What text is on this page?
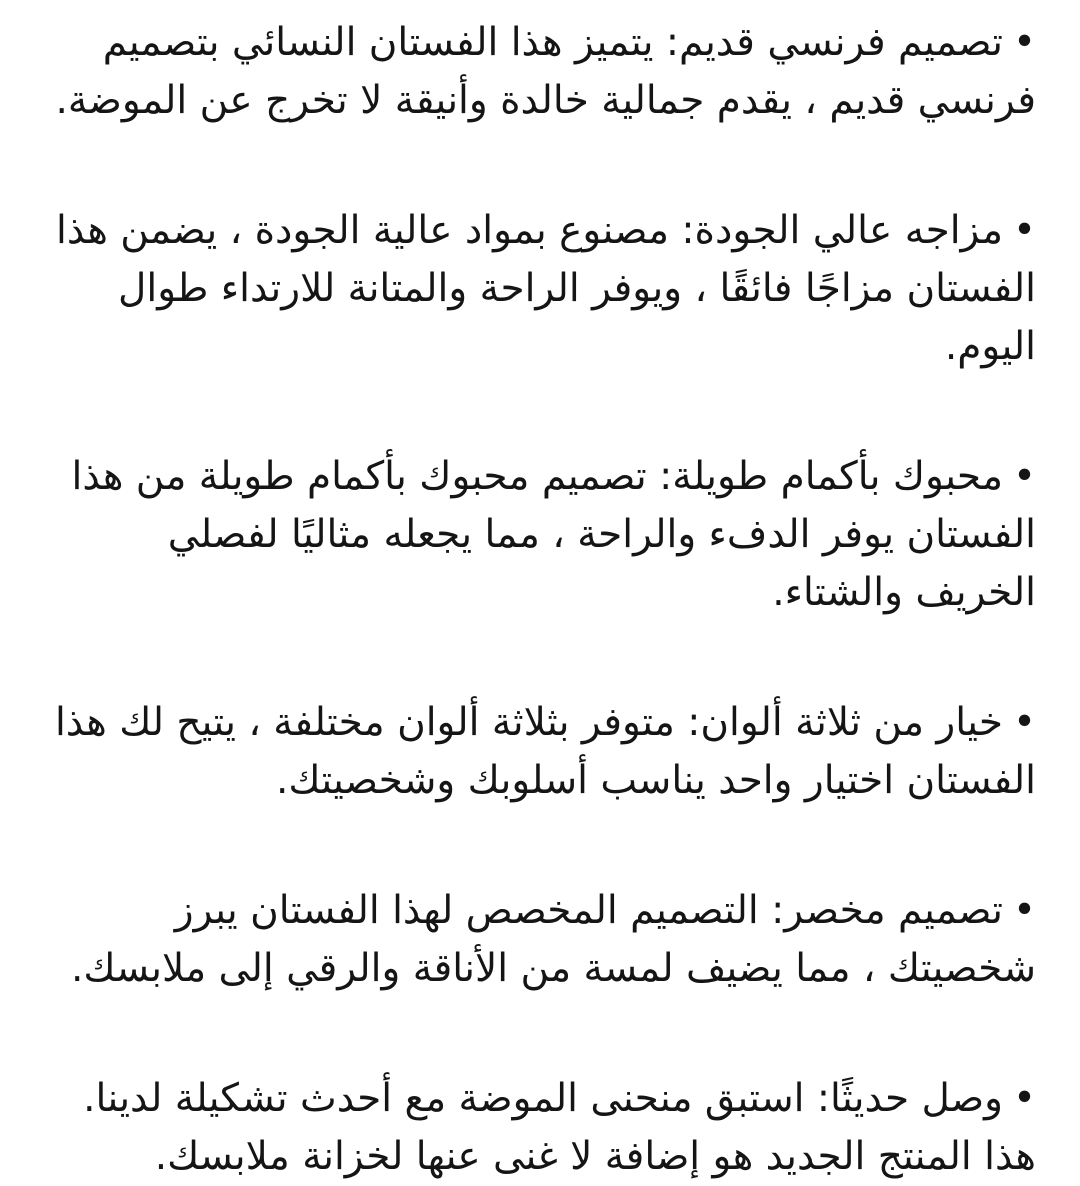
•تصميم فرنسي قديم: يتميز هذا الفستان النسائي بتصميم فرنسي قديم ، يقدم جمالية خالدة وأنيقة لا تخرج عن الموضة.

•مزاجه عالي الجودة: مصنوع بمواد عالية الجودة ، يضمن هذا الفستان مزاجًا فائقًا ، ويوفر الراحة والمتانة للارتداء طوال اليوم.

•محبوك بأكمام طويلة: تصميم محبوك بأكمام طويلة من هذا الفستان يوفر الدفء والراحة ، مما يجعله مثاليًا لفصلي الخريف والشتاء.

•خيار من ثلاثة ألوان: متوفر بثلاثة ألوان مختلفة ، يتيح لك هذا الفستان اختيار واحد يناسب أسلوبك وشخصيتك.

•تصميم مخصر: التصميم المخصص لهذا الفستان يبرز شخصيتك ، مما يضيف لمسة من الأناقة والرقي إلى ملابسك.

•وصل حديثًا: استبق منحنى الموضة مع أحدث تشكيلة لدينا. هذا المنتج الجديد هو إضافة لا غنى عنها لخزانة ملابسك.
